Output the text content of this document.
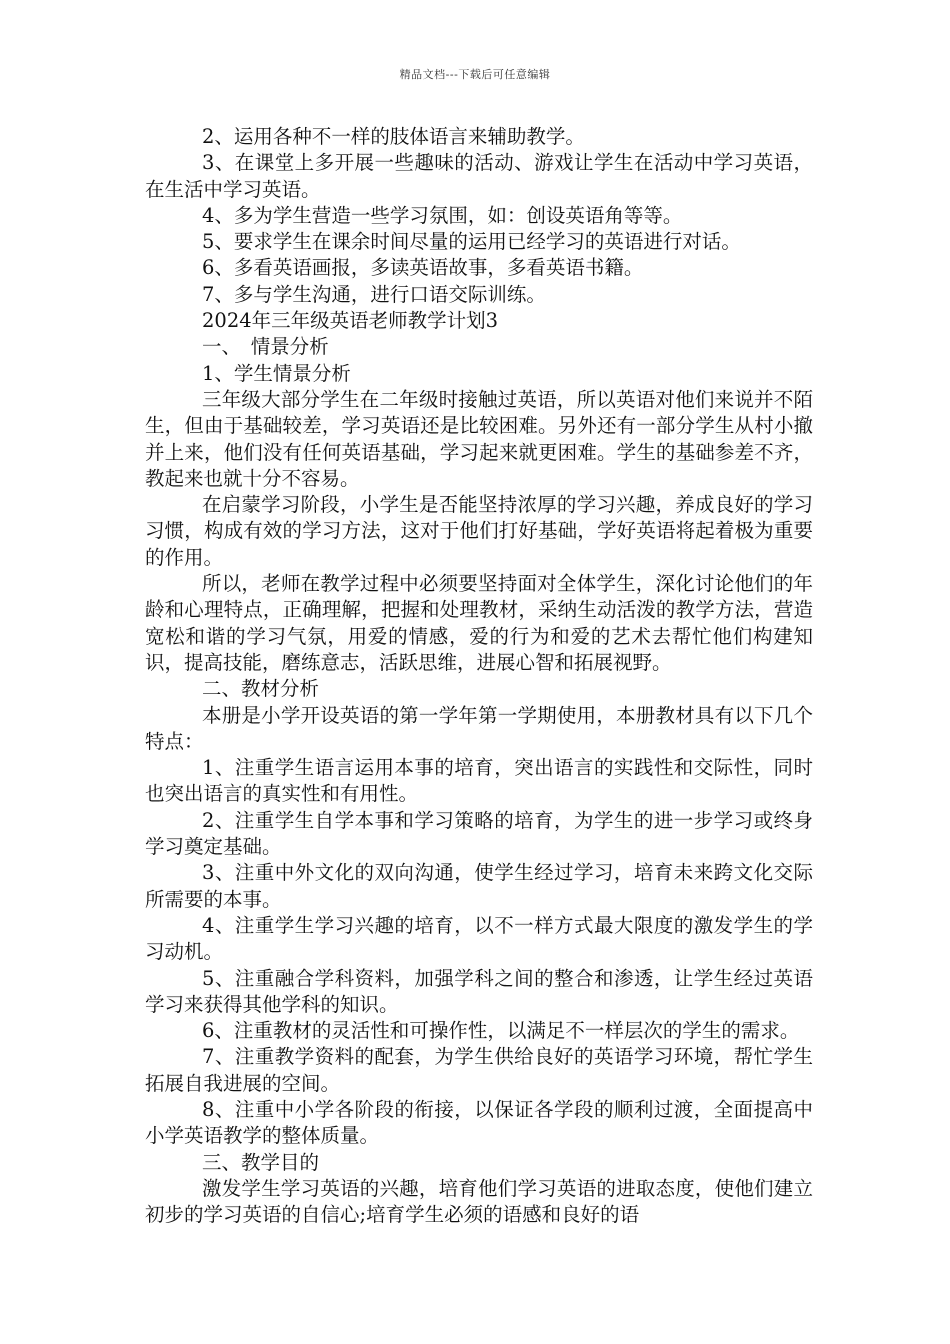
精品文档---下载后可任意编辑

2、运用各种不一样的肢体语言来辅助教学。

3、在课堂上多开展一些趣味的活动、游戏让学生在活动中学习英语，在生活中学习英语。

4、多为学生营造一些学习氛围，如：创设英语角等等。

5、要求学生在课余时间尽量的运用已经学习的英语进行对话。

6、多看英语画报，多读英语故事，多看英语书籍。

7、多与学生沟通，进行口语交际训练。

2024年三年级英语老师教学计划3

一、　情景分析

1、学生情景分析

三年级大部分学生在二年级时接触过英语，所以英语对他们来说并不陌生，但由于基础较差，学习英语还是比较困难。另外还有一部分学生从村小撤并上来，他们没有任何英语基础，学习起来就更困难。学生的基础参差不齐，教起来也就十分不容易。

在启蒙学习阶段，小学生是否能坚持浓厚的学习兴趣，养成良好的学习习惯，构成有效的学习方法，这对于他们打好基础，学好英语将起着极为重要的作用。

所以，老师在教学过程中必须要坚持面对全体学生，深化讨论他们的年龄和心理特点，正确理解，把握和处理教材，采纳生动活泼的教学方法，营造宽松和谐的学习气氛，用爱的情感，爱的行为和爱的艺术去帮忙他们构建知识，提高技能，磨练意志，活跃思维，进展心智和拓展视野。

二、教材分析

本册是小学开设英语的第一学年第一学期使用，本册教材具有以下几个特点：

1、注重学生语言运用本事的培育，突出语言的实践性和交际性，同时也突出语言的真实性和有用性。

2、注重学生自学本事和学习策略的培育，为学生的进一步学习或终身学习奠定基础。

3、注重中外文化的双向沟通，使学生经过学习，培育未来跨文化交际所需要的本事。

4、注重学生学习兴趣的培育，以不一样方式最大限度的激发学生的学习动机。

5、注重融合学科资料，加强学科之间的整合和渗透，让学生经过英语学习来获得其他学科的知识。

6、注重教材的灵活性和可操作性，以满足不一样层次的学生的需求。

7、注重教学资料的配套，为学生供给良好的英语学习环境，帮忙学生拓展自我进展的空间。

8、注重中小学各阶段的衔接，以保证各学段的顺利过渡，全面提高中小学英语教学的整体质量。

三、教学目的

激发学生学习英语的兴趣，培育他们学习英语的进取态度，使他们建立初步的学习英语的自信心;培育学生必须的语感和良好的语
